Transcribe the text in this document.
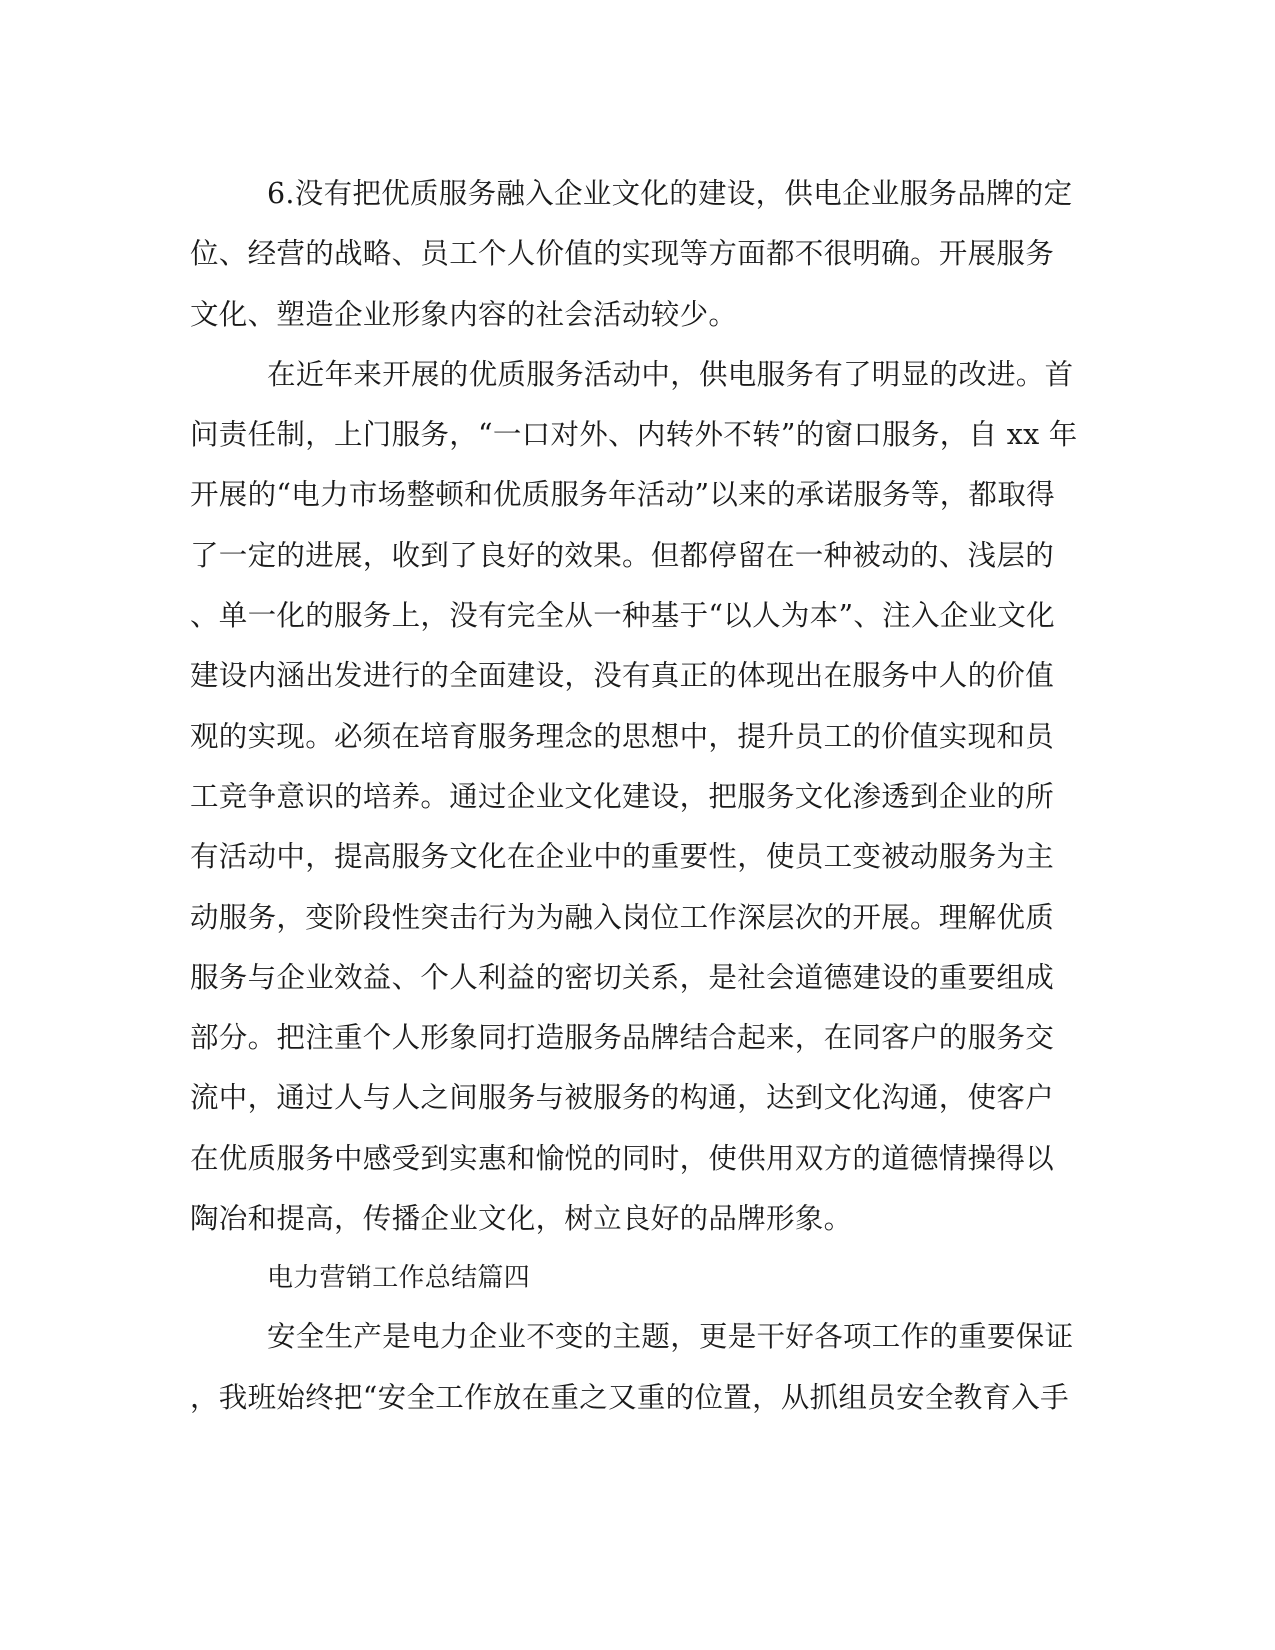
6.没有把优质服务融入企业文化的建设，供电企业服务品牌的定
位、经营的战略、员工个人价值的实现等方面都不很明确。开展服务
文化、塑造企业形象内容的社会活动较少。

在近年来开展的优质服务活动中，供电服务有了明显的改进。首
问责任制，上门服务，“一口对外、内转外不转”的窗口服务，自 xx 年
开展的“电力市场整顿和优质服务年活动”以来的承诺服务等，都取得
了一定的进展，收到了良好的效果。但都停留在一种被动的、浅层的
、单一化的服务上，没有完全从一种基于“以人为本”、注入企业文化
建设内涵出发进行的全面建设，没有真正的体现出在服务中人的价值
观的实现。必须在培育服务理念的思想中，提升员工的价值实现和员
工竞争意识的培养。通过企业文化建设，把服务文化渗透到企业的所
有活动中，提高服务文化在企业中的重要性，使员工变被动服务为主
动服务，变阶段性突击行为为融入岗位工作深层次的开展。理解优质
服务与企业效益、个人利益的密切关系，是社会道德建设的重要组成
部分。把注重个人形象同打造服务品牌结合起来，在同客户的服务交
流中，通过人与人之间服务与被服务的构通，达到文化沟通，使客户
在优质服务中感受到实惠和愉悦的同时，使供用双方的道德情操得以
陶冶和提高，传播企业文化，树立良好的品牌形象。

电力营销工作总结篇四

安全生产是电力企业不变的主题，更是干好各项工作的重要保证
，我班始终把“安全工作放在重之又重的位置，从抓组员安全教育入手
